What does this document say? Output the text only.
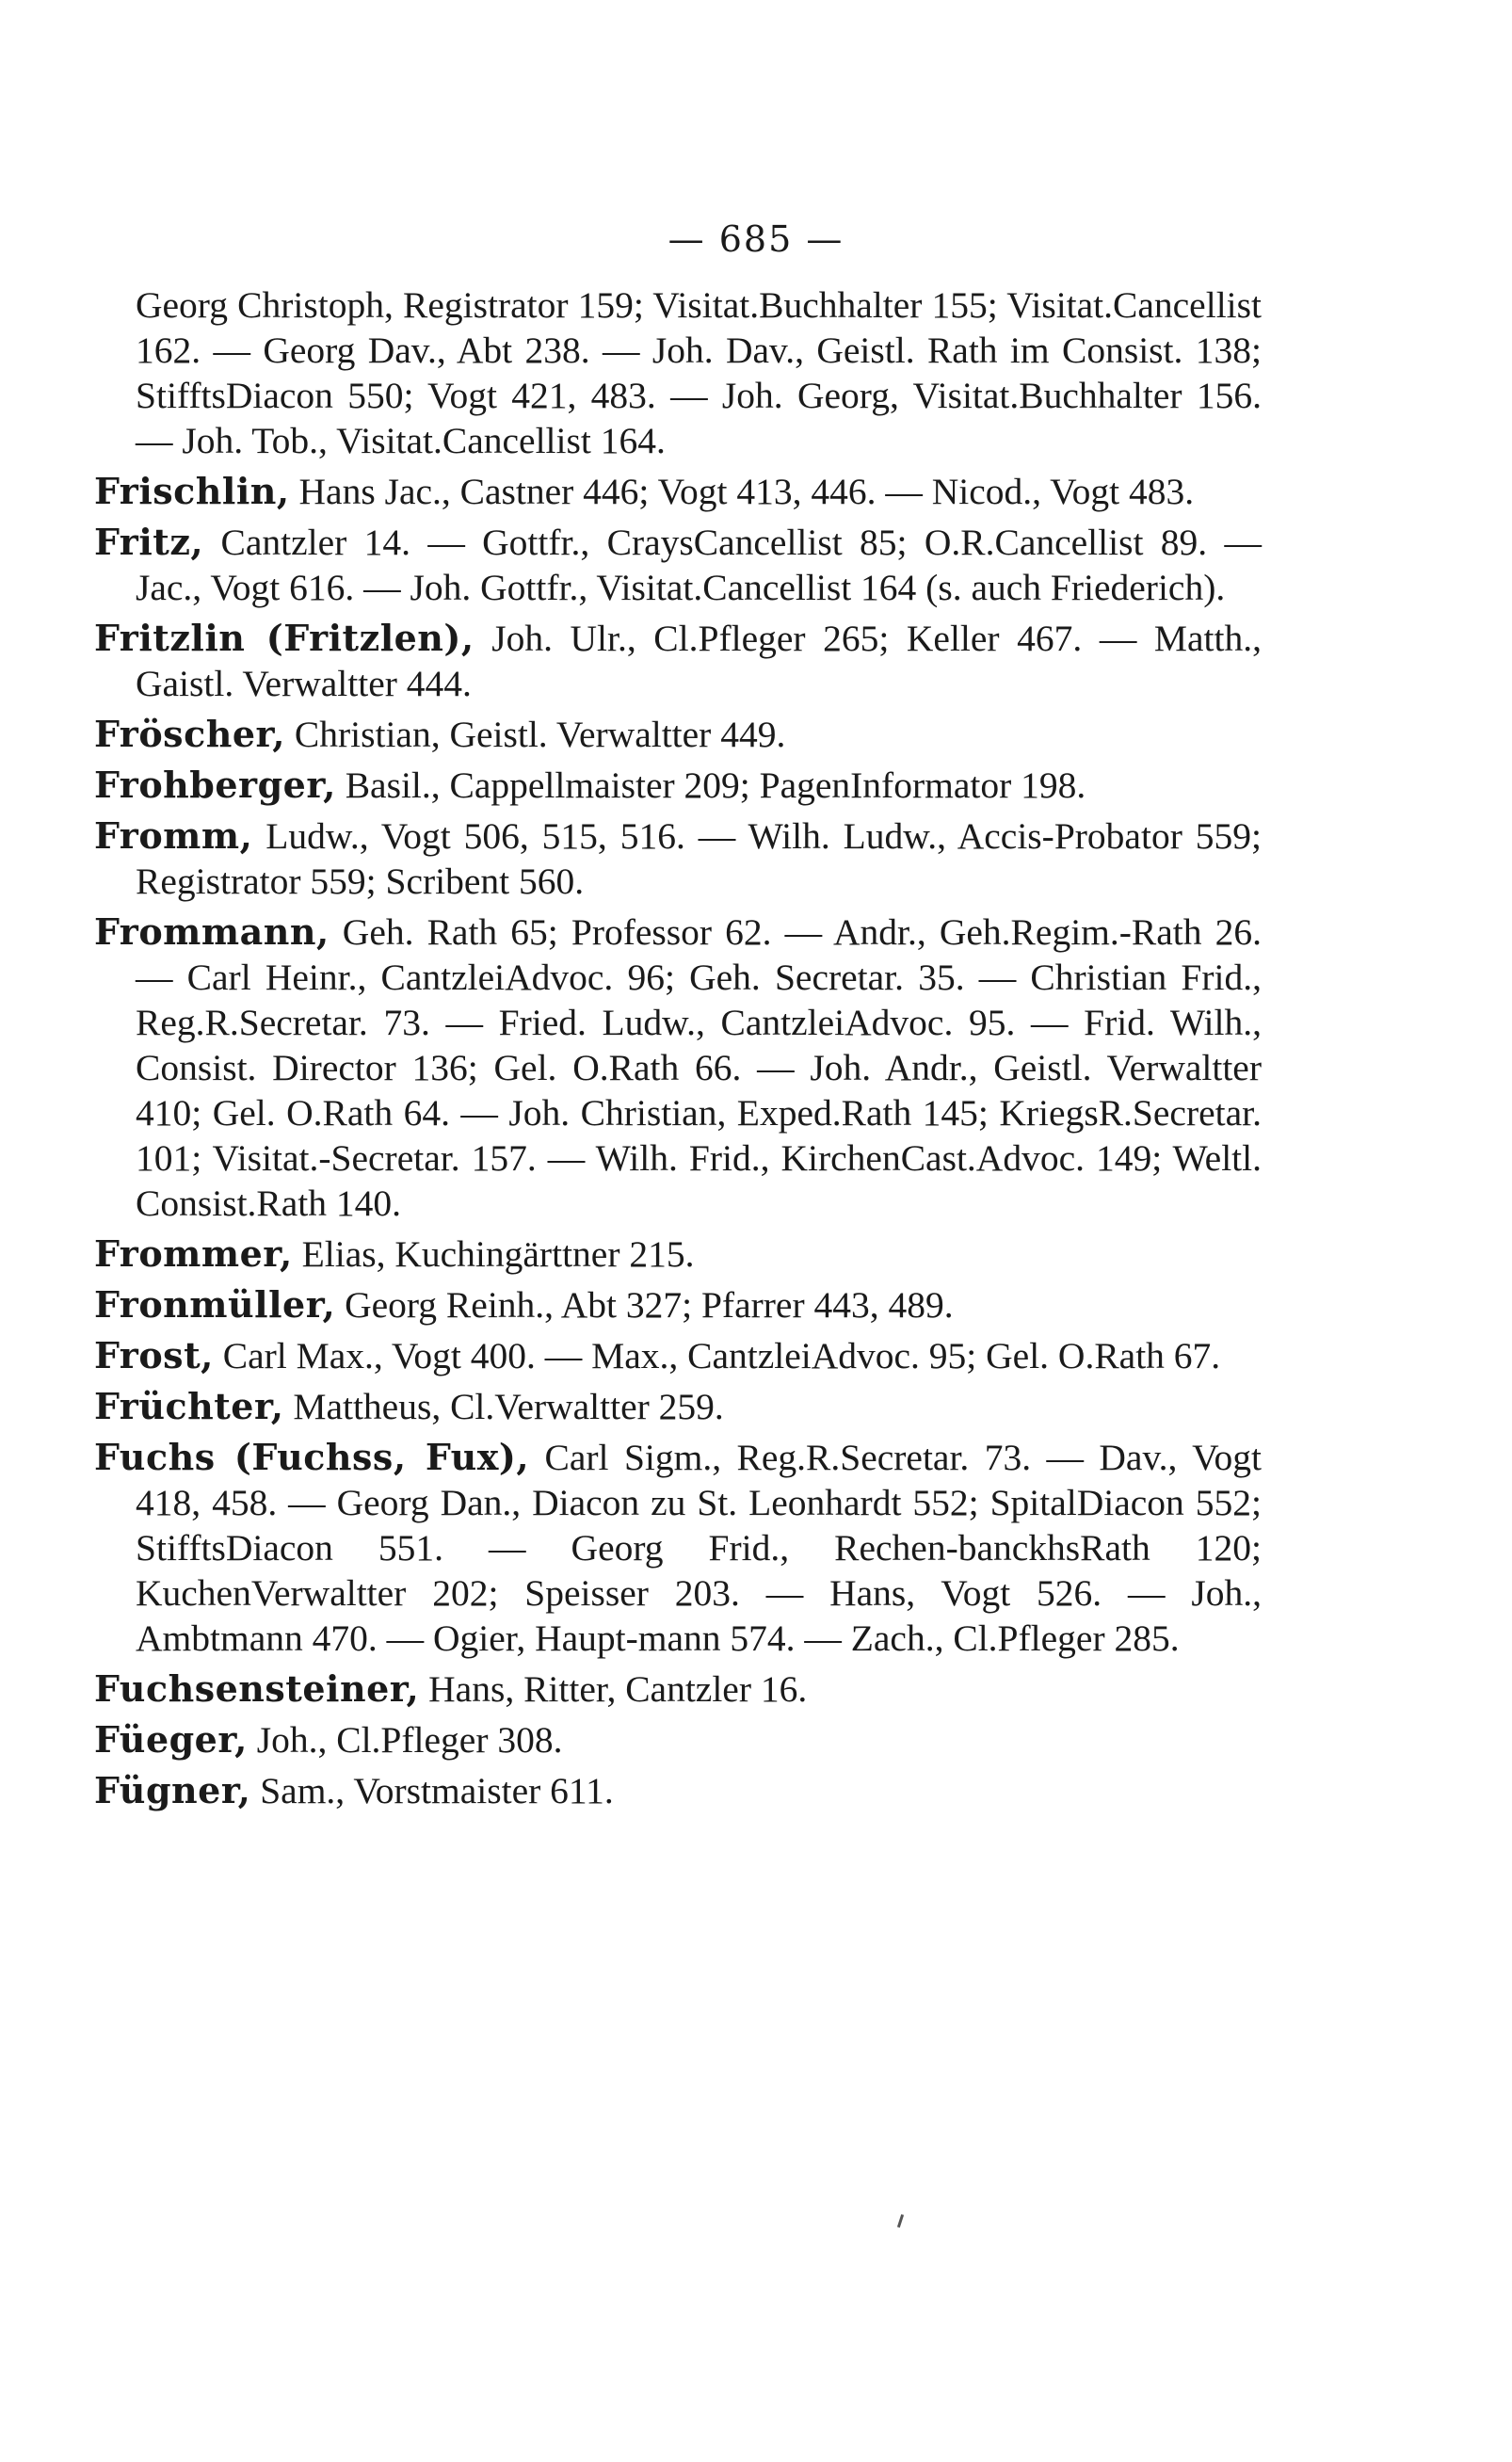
— 685 —

Georg Christoph, Registrator 159; Visitat.Buchhalter 155; Visitat.Cancellist 162. — Georg Dav., Abt 238. — Joh. Dav., Geistl. Rath im Consist. 138; StifftsDiacon 550; Vogt 421, 483. — Joh. Georg, Visitat.Buchhalter 156. — Joh. Tob., Visitat.Cancellist 164.

Frischlin, Hans Jac., Castner 446; Vogt 413, 446. — Nicod., Vogt 483.

Fritz, Cantzler 14. — Gottfr., CraysCancellist 85; O.R.Cancellist 89. — Jac., Vogt 616. — Joh. Gottfr., Visitat.Cancellist 164 (s. auch Friederich).

Fritzlin (Fritzlen), Joh. Ulr., Cl.Pfleger 265; Keller 467. — Matth., Gaistl. Verwaltter 444.

Fröscher, Christian, Geistl. Verwaltter 449.

Frohberger, Basil., Cappellmaister 209; PagenInformator 198.

Fromm, Ludw., Vogt 506, 515, 516. — Wilh. Ludw., Accis-Probator 559; Registrator 559; Scribent 560.

Frommann, Geh. Rath 65; Professor 62. — Andr., Geh.Regim.-Rath 26. — Carl Heinr., CantzleiAdvoc. 96; Geh. Secretar. 35. — Christian Frid., Reg.R.Secretar. 73. — Fried. Ludw., CantzleiAdvoc. 95. — Frid. Wilh., Consist. Director 136; Gel. O.Rath 66. — Joh. Andr., Geistl. Verwaltter 410; Gel. O.Rath 64. — Joh. Christian, Exped.Rath 145; KriegsR.Secretar. 101; Visitat.-Secretar. 157. — Wilh. Frid., KirchenCast.Advoc. 149; Weltl. Consist.Rath 140.

Frommer, Elias, Kuchingärttner 215.

Fronmüller, Georg Reinh., Abt 327; Pfarrer 443, 489.

Frost, Carl Max., Vogt 400. — Max., CantzleiAdvoc. 95; Gel. O.Rath 67.

Früchter, Mattheus, Cl.Verwaltter 259.

Fuchs (Fuchss, Fux), Carl Sigm., Reg.R.Secretar. 73. — Dav., Vogt 418, 458. — Georg Dan., Diacon zu St. Leonhardt 552; SpitalDiacon 552; StifftsDiacon 551. — Georg Frid., Rechen-banckhsRath 120; KuchenVerwaltter 202; Speisser 203. — Hans, Vogt 526. — Joh., Ambtmann 470. — Ogier, Haupt-mann 574. — Zach., Cl.Pfleger 285.

Fuchsensteiner, Hans, Ritter, Cantzler 16.

Füeger, Joh., Cl.Pfleger 308.

Fügner, Sam., Vorstmaister 611.
